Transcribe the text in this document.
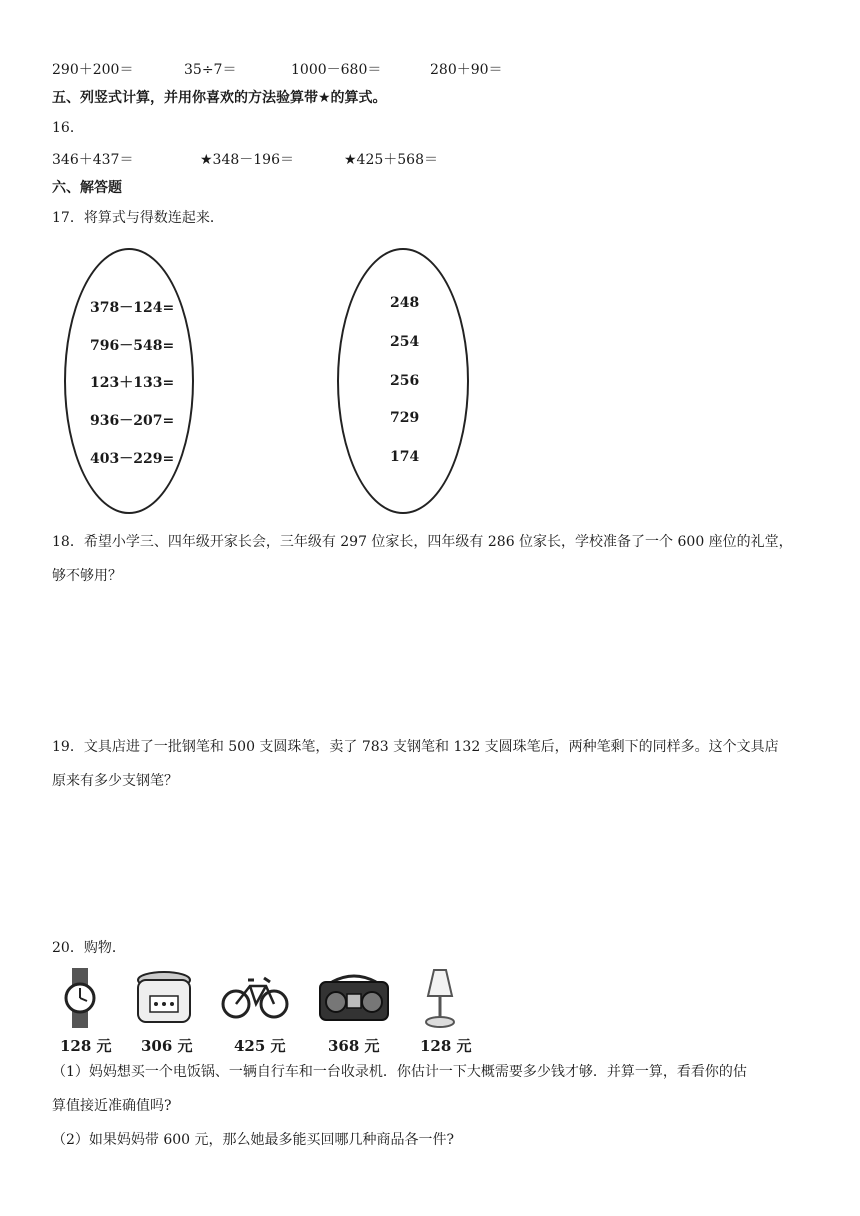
290＋200＝	35÷7＝	1000－680＝	280＋90＝
五、列竖式计算，并用你喜欢的方法验算带★的算式。
16．
346＋437＝	★348－196＝	★425＋568＝
六、解答题
17．将算式与得数连起来．
378－124=
796－548=
123＋133=
936－207=
403－229=
248
254
256
729
174
18．希望小学三、四年级开家长会，三年级有 297 位家长，四年级有 286 位家长，学校准备了一个 600 座位的礼堂，
够不够用？
19．文具店进了一批钢笔和 500 支圆珠笔，卖了 783 支钢笔和 132 支圆珠笔后，两种笔剩下的同样多。这个文具店
原来有多少支钢笔？
20．购物．
128 元 306 元	425 元	368 元	128 元
（1）妈妈想买一个电饭锅、一辆自行车和一台收录机．你估计一下大概需要多少钱才够．并算一算，看看你的估
算值接近准确值吗?
（2）如果妈妈带 600 元，那么她最多能买回哪几种商品各一件?
